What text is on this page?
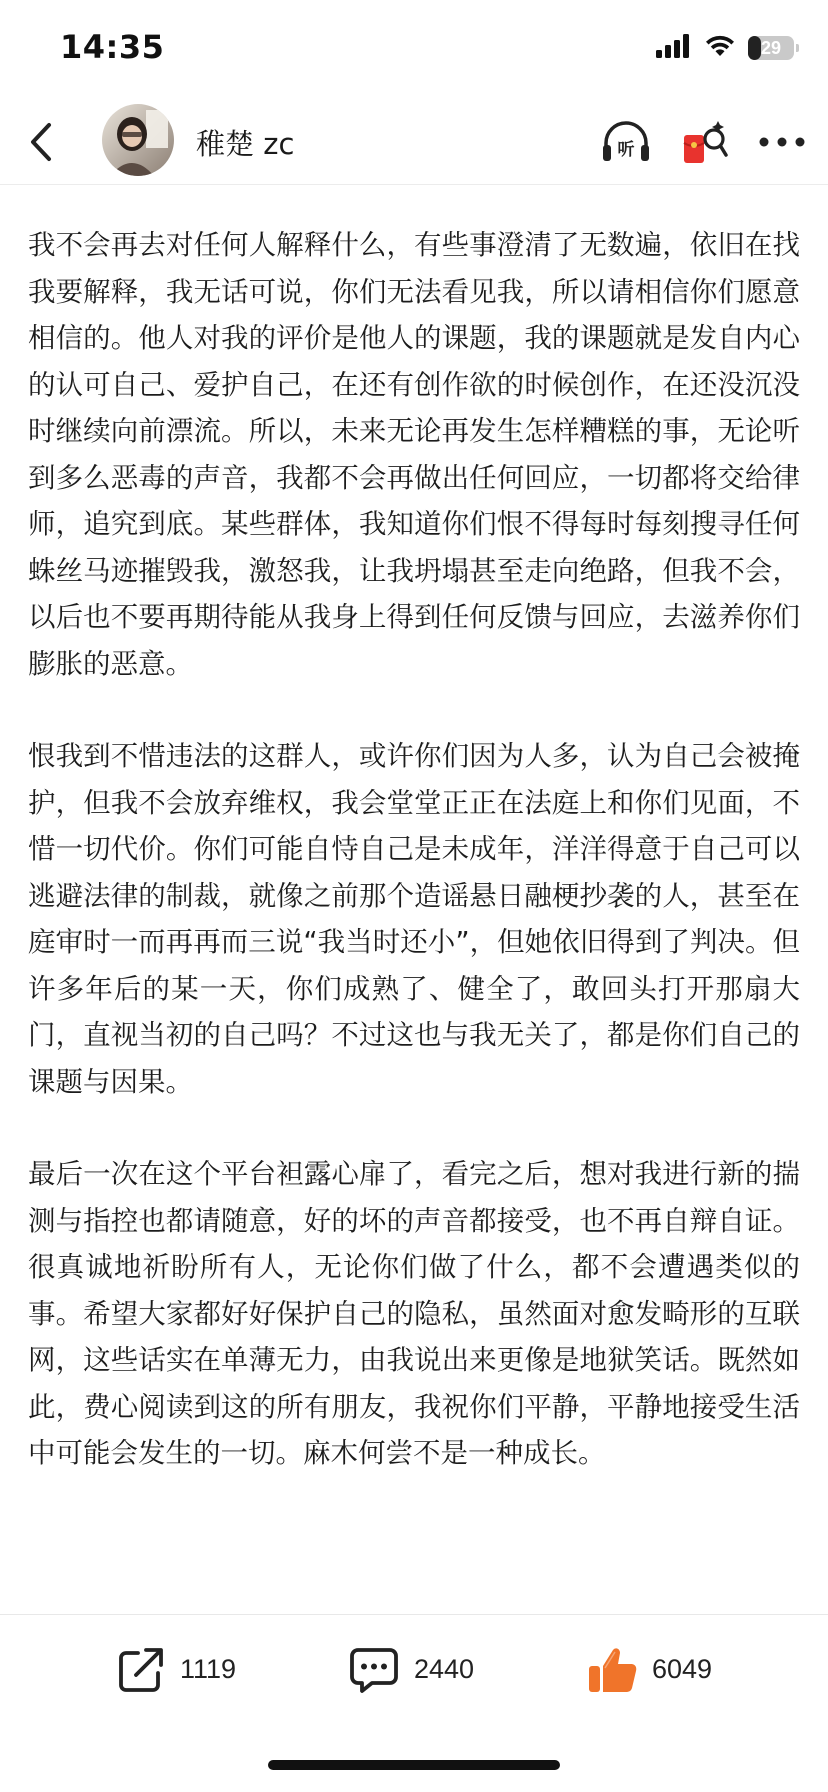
14:35	29
稚楚 zc	听

我不会再去对任何人解释什么，有些事澄清了无数遍，依旧在找我要解释，我无话可说，你们无法看见我，所以请相信你们愿意相信的。他人对我的评价是他人的课题，我的课题就是发自内心的认可自己、爱护自己，在还有创作欲的时候创作，在还没沉没时继续向前漂流。所以，未来无论再发生怎样糟糕的事，无论听到多么恶毒的声音，我都不会再做出任何回应，一切都将交给律师，追究到底。某些群体，我知道你们恨不得每时每刻搜寻任何蛛丝马迹摧毁我，激怒我，让我坍塌甚至走向绝路，但我不会，以后也不要再期待能从我身上得到任何反馈与回应，去滋养你们膨胀的恶意。

恨我到不惜违法的这群人，或许你们因为人多，认为自己会被掩护，但我不会放弃维权，我会堂堂正正在法庭上和你们见面，不惜一切代价。你们可能自恃自己是未成年，洋洋得意于自己可以逃避法律的制裁，就像之前那个造谣悬日融梗抄袭的人，甚至在庭审时一而再再而三说“我当时还小”，但她依旧得到了判决。但许多年后的某一天，你们成熟了、健全了，敢回头打开那扇大门，直视当初的自己吗？不过这也与我无关了，都是你们自己的课题与因果。

最后一次在这个平台袒露心扉了，看完之后，想对我进行新的揣测与指控也都请随意，好的坏的声音都接受，也不再自辩自证。很真诚地祈盼所有人，无论你们做了什么，都不会遭遇类似的事。希望大家都好好保护自己的隐私，虽然面对愈发畸形的互联网，这些话实在单薄无力，由我说出来更像是地狱笑话。既然如此，费心阅读到这的所有朋友，我祝你们平静，平静地接受生活中可能会发生的一切。麻木何尝不是一种成长。

1119	2440	6049
